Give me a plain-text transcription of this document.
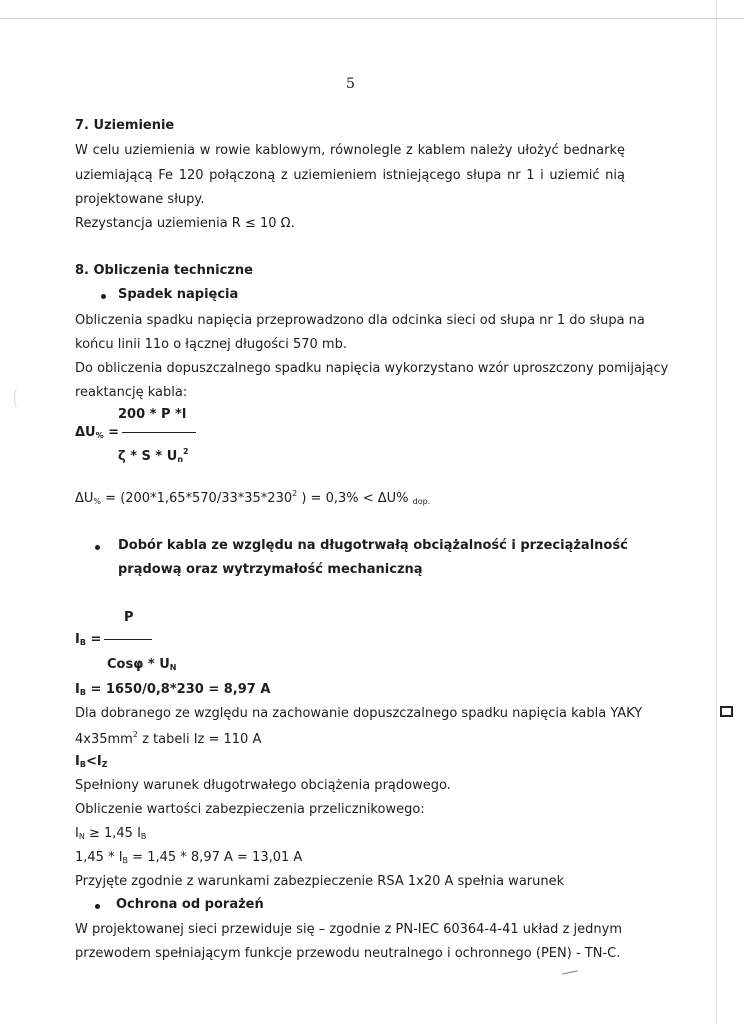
5
7. Uziemienie
W celu uziemienia w rowie kablowym, równolegle z kablem należy ułożyć bednarkę
uziemiającą Fe 120 połączoną z uziemieniem istniejącego słupa nr 1 i uziemić nią
projektowane słupy.
Rezystancja uziemienia R ≤ 10 Ω.
8. Obliczenia techniczne
Spadek napięcia
Obliczenia spadku napięcia przeprowadzono dla odcinka sieci od słupa nr 1 do słupa na
końcu linii 11o o łącznej długości 570 mb.
Do obliczenia dopuszczalnego spadku napięcia wykorzystano wzór uproszczony pomijający
reaktancję kabla:
200 * P *l
$\Delta U_{\%}$ =
ζ * S * $U_n^2$
$\Delta U_{\%} = (200*1,65*570/33*35*230^2$ ) = 0,3% < ΔU% $_{dop.}$
Dobór kabla ze względu na długotrwałą obciążalność i przeciążalność
prądową oraz wytrzymałość mechaniczną
P
$I_B$ =
Cosφ * $U_N$
$I_B = 1650/0,8*230 = 8,97$ A
Dla dobranego ze względu na zachowanie dopuszczalnego spadku napięcia kabla YAKY
$4x35mm^2$ z tabeli Iz = 110 A
$I_B<I_Z$
Spełniony warunek długotrwałego obciążenia prądowego.
Obliczenie wartości zabezpieczenia przelicznikowego:
$I_N \ge 1,45$ $I_B$
$1,45 * I_B = 1,45 * 8,97$ A = 13,01 A
Przyjęte zgodnie z warunkami zabezpieczenie RSA 1x20 A spełnia warunek
Ochrona od porażeń
W projektowanej sieci przewiduje się – zgodnie z PN-IEC 60364-4-41 układ z jednym
przewodem spełniającym funkcje przewodu neutralnego i ochronnego (PEN) - TN-C.
